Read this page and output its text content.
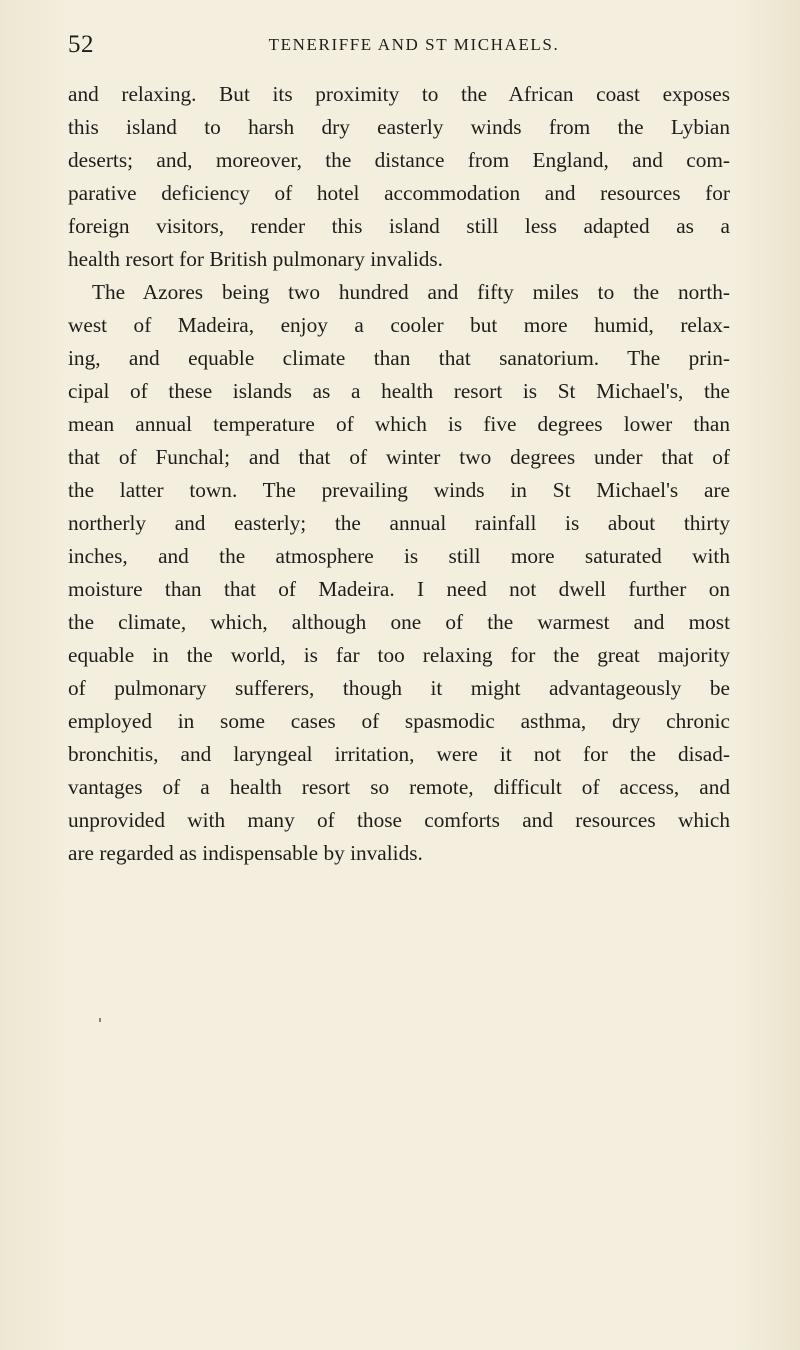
52	TENERIFFE AND ST MICHAELS.
and relaxing. But its proximity to the African coast exposes
this island to harsh dry easterly winds from the Lybian
deserts; and, moreover, the distance from England, and com-
parative deficiency of hotel accommodation and resources for
foreign visitors, render this island still less adapted as a
health resort for British pulmonary invalids.
The Azores being two hundred and fifty miles to the north-
west of Madeira, enjoy a cooler but more humid, relax-
ing, and equable climate than that sanatorium. The prin-
cipal of these islands as a health resort is St Michael's, the
mean annual temperature of which is five degrees lower than
that of Funchal; and that of winter two degrees under that of
the latter town. The prevailing winds in St Michael's are
northerly and easterly; the annual rainfall is about thirty
inches, and the atmosphere is still more saturated with
moisture than that of Madeira. I need not dwell further on
the climate, which, although one of the warmest and most
equable in the world, is far too relaxing for the great majority
of pulmonary sufferers, though it might advantageously be
employed in some cases of spasmodic asthma, dry chronic
bronchitis, and laryngeal irritation, were it not for the disad-
vantages of a health resort so remote, difficult of access, and
unprovided with many of those comforts and resources which
are regarded as indispensable by invalids.
